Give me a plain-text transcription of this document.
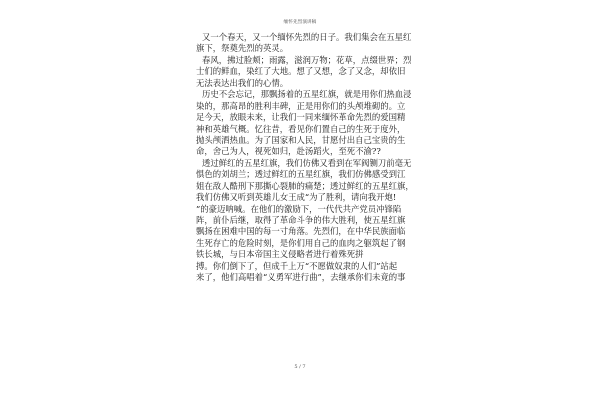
缅怀先烈演讲稿
又一个春天，又一个缅怀先烈的日子。我们集会在五星红
旗下，祭奠先烈的英灵。
春风，拂过脸颊；雨露，滋润万物；花草，点缀世界；烈
士们的鲜血，染红了大地。想了又想，念了又念，却依旧
无法表达出我们的心情。
历史不会忘记，那飘扬着的五星红旗，就是用你们热血浸
染的，那高昂的胜利丰碑，正是用你们的头颅堆砌的。立
足今天，放眼未来，让我们一同来缅怀革命先烈的爱国精
神和英雄气概。忆往昔，看见你们置自己的生死于度外，
抛头颅洒热血。为了国家和人民，甘愿付出自己宝贵的生
命，舍己为人，视死如归，赴汤蹈火，至死不渝??
透过鲜红的五星红旗，我们仿佛又看到在军阀铡刀前毫无
惧色的刘胡兰；透过鲜红的五星红旗，我们仿佛感受到江
姐在敌人酷刑下那撕心裂肺的痛楚；透过鲜红的五星红旗，
我们仿佛又听到英雄儿女王成“为了胜利，请向我开炮!
”的豪迈呐喊。在他们的激励下，一代代共产党员冲锋陷
阵，前仆后继，取得了革命斗争的伟大胜利，使五星红旗
飘扬在困难中国的每一寸角落。先烈们，在中华民族面临
生死存亡的危险时刻，是你们用自己的血肉之躯筑起了钢
铁长城，与日本帝国主义侵略者进行着殊死拼
搏。你们倒下了，但成千上万“不愿做奴隶的人们”站起
来了，他们高唱着“义勇军进行曲”，去继承你们未竟的事
5 / 7
